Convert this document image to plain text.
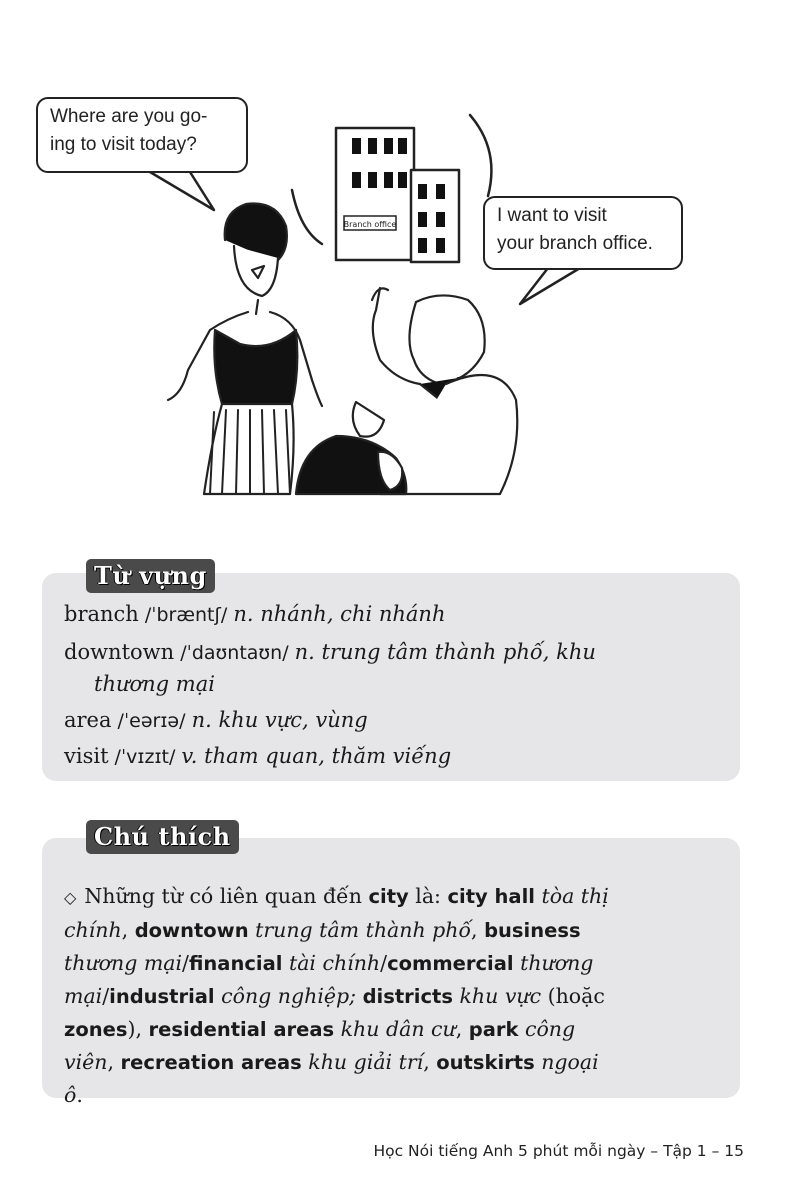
Branch office
Where are you go-
ing to visit today?
I want to visit
your branch office.
Từ vựng
branch /ˈbræntʃ/ n. nhánh, chi nhánh
downtown /ˈdaʊntaʊn/ n. trung tâm thành phố, khu
thương mại
area /ˈeərɪə/ n. khu vực, vùng
visit /ˈvɪzɪt/ v. tham quan, thăm viếng
Chú thích
◇ Những từ có liên quan đến city là: city hall tòa thị
chính, downtown trung tâm thành phố, business
thương mại/financial tài chính/commercial thương
mại/industrial công nghiệp; districts khu vực (hoặc
zones), residential areas khu dân cư, park công
viên, recreation areas khu giải trí, outskirts ngoại
ô.
Học Nói tiếng Anh 5 phút mỗi ngày – Tập 1 – 15
